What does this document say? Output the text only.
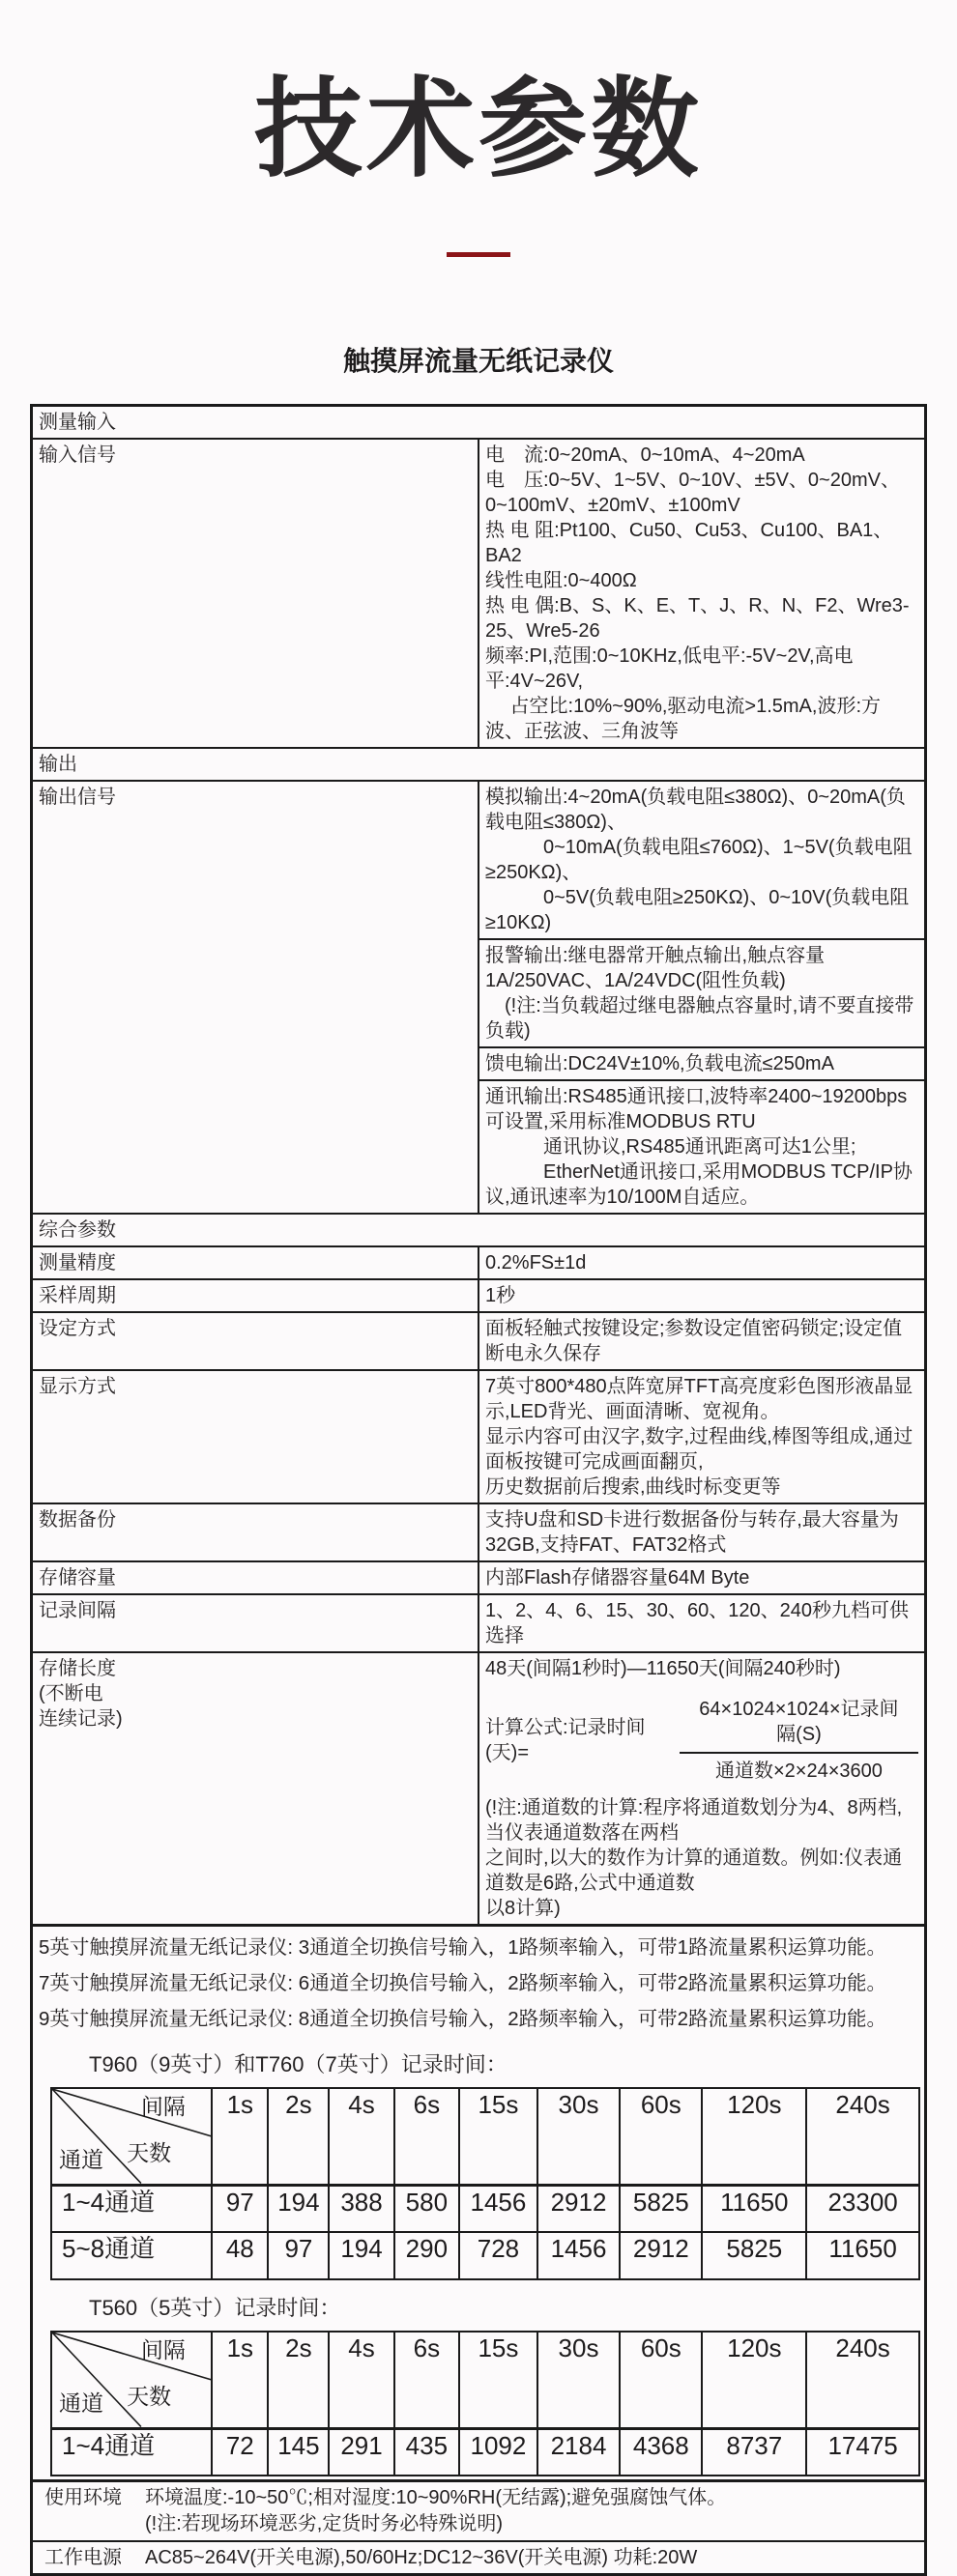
技术参数
触摸屏流量无纸记录仪
测量输入
输入信号	电　流:0~20mA、0~10mA、4~20mA
电　压:0~5V、1~5V、0~10V、±5V、0~20mV、0~100mV、±20mV、±100mV
热 电 阻:Pt100、Cu50、Cu53、Cu100、BA1、BA2
线性电阻:0~400Ω
热 电 偶:B、S、K、E、T、J、R、N、F2、Wre3-25、Wre5-26
频率:PI,范围:0~10KHz,低电平:-5V~2V,高电平:4V~26V,
　 占空比:10%~90%,驱动电流>1.5mA,波形:方波、正弦波、三角波等

输出
输出信号	模拟输出:4~20mA(负载电阻≤380Ω)、0~20mA(负载电阻≤380Ω)、
　　　0~10mA(负载电阻≤760Ω)、1~5V(负载电阻≥250KΩ)、
　　　0~5V(负载电阻≥250KΩ)、0~10V(负载电阻≥10KΩ)

报警输出:继电器常开触点输出,触点容量1A/250VAC、1A/24VDC(阻性负载)
　(!注:当负载超过继电器触点容量时,请不要直接带负载)

馈电输出:DC24V±10%,负载电流≤250mA

通讯输出:RS485通讯接口,波特率2400~19200bps可设置,采用标准MODBUS RTU
　　　通讯协议,RS485通讯距离可达1公里;
　　　EtherNet通讯接口,采用MODBUS TCP/IP协议,通讯速率为10/100M自适应。

综合参数
测量精度	0.2%FS±1d
采样周期	1秒
设定方式	面板轻触式按键设定;参数设定值密码锁定;设定值断电永久保存
显示方式	7英寸800*480点阵宽屏TFT高亮度彩色图形液晶显示,LED背光、画面清晰、宽视角。
显示内容可由汉字,数字,过程曲线,棒图等组成,通过面板按键可完成画面翻页,
历史数据前后搜索,曲线时标变更等

数据备份	支持U盘和SD卡进行数据备份与转存,最大容量为32GB,支持FAT、FAT32格式
存储容量	内部Flash存储器容量64M Byte
记录间隔	1、2、4、6、15、30、60、120、240秒九档可供选择

存储长度
(不断电
连续记录)

48天(间隔1秒时)—11650天(间隔240秒时)
计算公式:记录时间(天)=	$\frac{\text{64×1024×1024×记录间隔(S)}}{\text{通道数×2×24×3600}}$
(!注:通道数的计算:程序将通道数划分为4、8两档,当仪表通道数落在两档
之间时,以大的数作为计算的通道数。例如:仪表通道数是6路,公式中通道数
以8计算)

5英寸触摸屏流量无纸记录仪: 3通道全切换信号输入，1路频率输入，可带1路流量累积运算功能。
7英寸触摸屏流量无纸记录仪: 6通道全切换信号输入，2路频率输入，可带2路流量累积运算功能。
9英寸触摸屏流量无纸记录仪: 8通道全切换信号输入，2路频率输入，可带2路流量累积运算功能。
T960（9英寸）和T760（7英寸）记录时间：
间隔
天数
通道
	1s	2s	4s	6s	15s	30s	60s	120s	240s
1~4通道	97	194	388	580	1456	2912	5825	11650	23300
5~8通道	48	97	194	290	728	1456	2912	5825	11650
T560（5英寸）记录时间：
间隔
天数
通道
	1s	2s	4s	6s	15s	30s	60s	120s	240s
1~4通道	72	145	291	435	1092	2184	4368	8737	17475

使用环境	环境温度:-10~50℃;相对湿度:10~90%RH(无结露);避免强腐蚀气体。
(!注:若现场环境恶劣,定货时务必特殊说明)

工作电源	AC85~264V(开关电源),50/60Hz;DC12~36V(开关电源) 功耗:20W
